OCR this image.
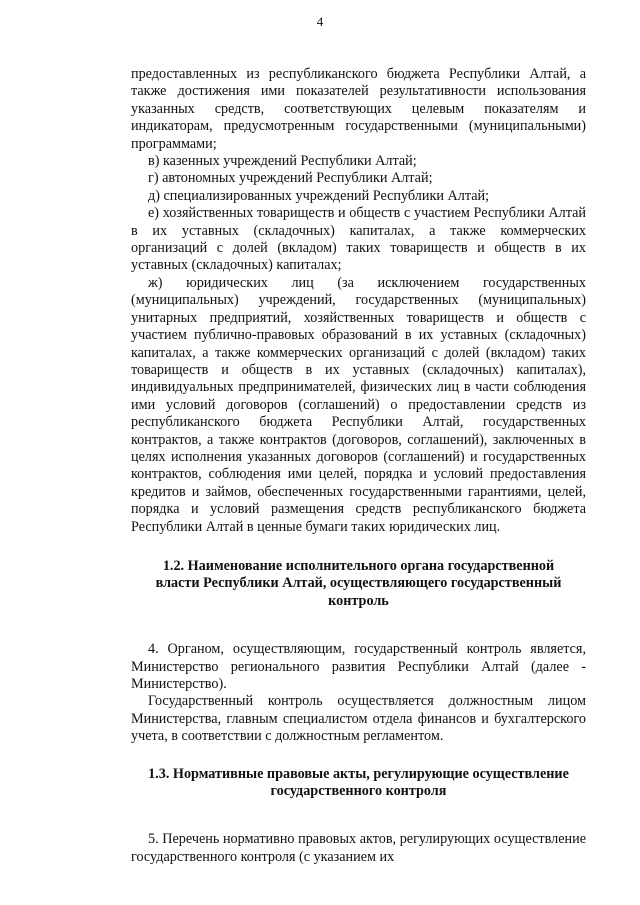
4

предоставленных из республиканского бюджета Республики Алтай, а также достижения ими показателей результативности использования указанных средств, соответствующих целевым показателям и индикаторам, предусмотренным государственными (муниципальными) программами;

в) казенных учреждений Республики Алтай;

г) автономных учреждений Республики Алтай;

д) специализированных учреждений Республики Алтай;

е) хозяйственных товариществ и обществ с участием Республики Алтай в их уставных (складочных) капиталах, а также коммерческих организаций с долей (вкладом) таких товариществ и обществ в их уставных (складочных) капиталах;

ж) юридических лиц (за исключением государственных (муниципальных) учреждений, государственных (муниципальных) унитарных предприятий, хозяйственных товариществ и обществ с участием публично-правовых образований в их уставных (складочных) капиталах, а также коммерческих организаций с долей (вкладом) таких товариществ и обществ в их уставных (складочных) капиталах), индивидуальных предпринимателей, физических лиц в части соблюдения ими условий договоров (соглашений) о предоставлении средств из республиканского бюджета Республики Алтай, государственных контрактов, а также контрактов (договоров, соглашений), заключенных в целях исполнения указанных договоров (соглашений) и государственных контрактов, соблюдения ими целей, порядка и условий предоставления кредитов и займов, обеспеченных государственными гарантиями, целей, порядка и условий размещения средств республиканского бюджета Республики Алтай в ценные бумаги таких юридических лиц.

1.2. Наименование исполнительного органа государственной

власти Республики Алтай, осуществляющего государственный

контроль

4. Органом, осуществляющим, государственный контроль является, Министерство регионального развития Республики Алтай (далее - Министерство).

Государственный контроль осуществляется должностным лицом Министерства, главным специалистом отдела финансов и бухгалтерского учета, в соответствии с должностным регламентом.

1.3. Нормативные правовые акты, регулирующие осуществление

государственного контроля

5. Перечень нормативно правовых актов, регулирующих осуществление государственного контроля (с указанием их
